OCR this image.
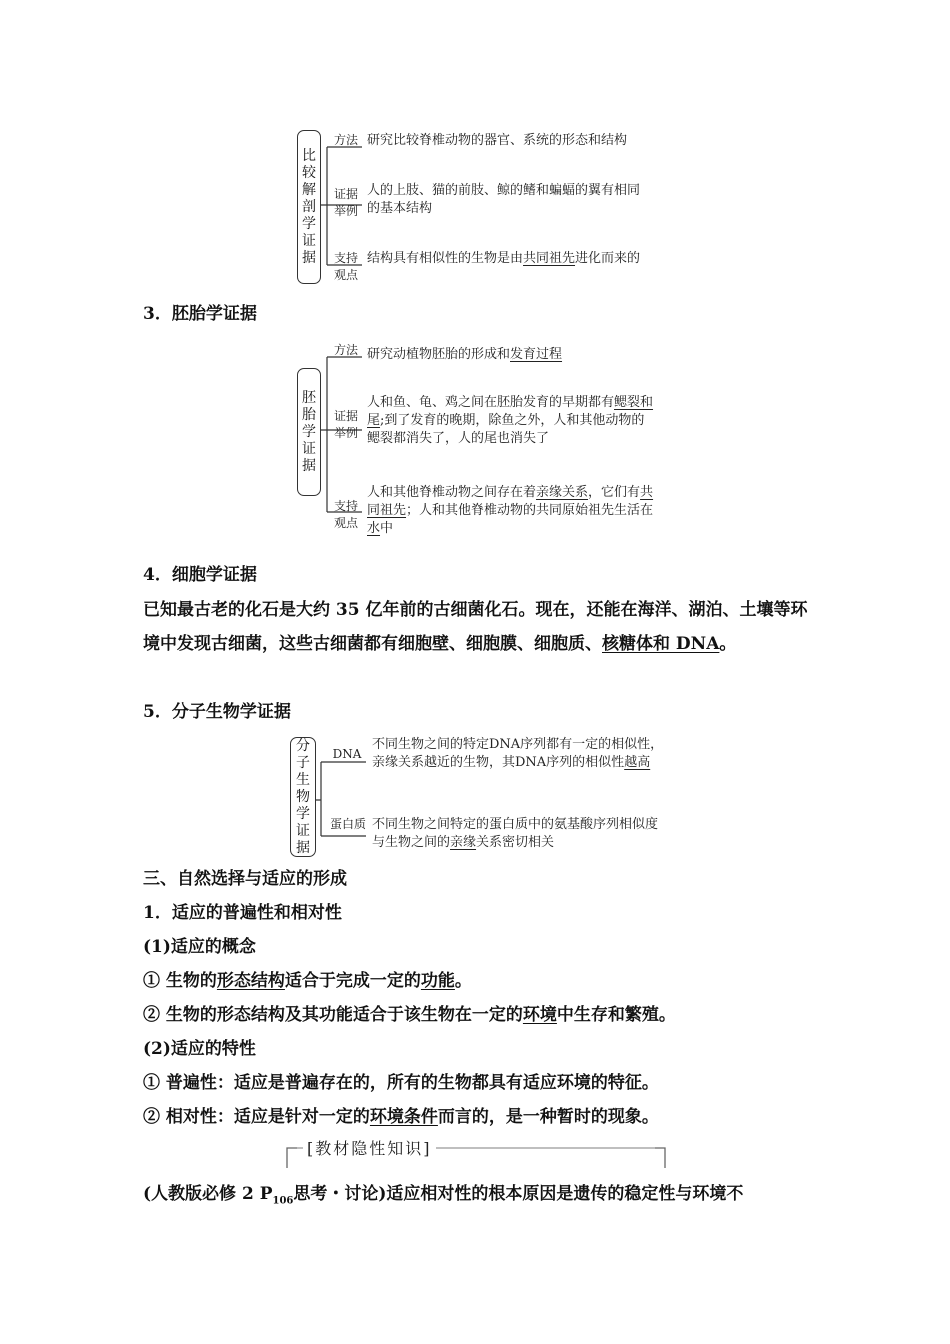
比较解剖学证据
方法 研究比较脊椎动物的器官、系统的形态和结构
证据
举例
人的上肢、猫的前肢、鲸的鳍和蝙蝠的翼有相同的基本结构
支持
观点
结构具有相似性的生物是由共同祖先进化而来的
3．胚胎学证据
胚胎学证据
方法 研究动植物胚胎的形成和发育过程
证据
举例
人和鱼、龟、鸡之间在胚胎发育的早期都有鳃裂和尾;到了发育的晚期，除鱼之外，人和其他动物的鳃裂都消失了，人的尾也消失了
支持
观点
人和其他脊椎动物之间存在着亲缘关系，它们有共同祖先；人和其他脊椎动物的共同原始祖先生活在水中
4．细胞学证据
已知最古老的化石是大约 35 亿年前的古细菌化石。现在，还能在海洋、湖泊、土壤等环境中发现古细菌，这些古细菌都有细胞壁、细胞膜、细胞质、核糖体和 DNA。
5．分子生物学证据
分子生物学证据
DNA
不同生物之间的特定DNA序列都有一定的相似性，亲缘关系越近的生物，其DNA序列的相似性越高
蛋白质 不同生物之间特定的蛋白质中的氨基酸序列相似度与生物之间的亲缘关系密切相关
三、自然选择与适应的形成
1．适应的普遍性和相对性
(1)适应的概念
① 生物的形态结构适合于完成一定的功能。
② 生物的形态结构及其功能适合于该生物在一定的环境中生存和繁殖。
(2)适应的特性
① 普遍性：适应是普遍存在的，所有的生物都具有适应环境的特征。
② 相对性：适应是针对一定的环境条件而言的，是一种暂时的现象。
[教材隐性知识]
(人教版必修 2 $P_{106}$思考・讨论)适应相对性的根本原因是遗传的稳定性与环境不
